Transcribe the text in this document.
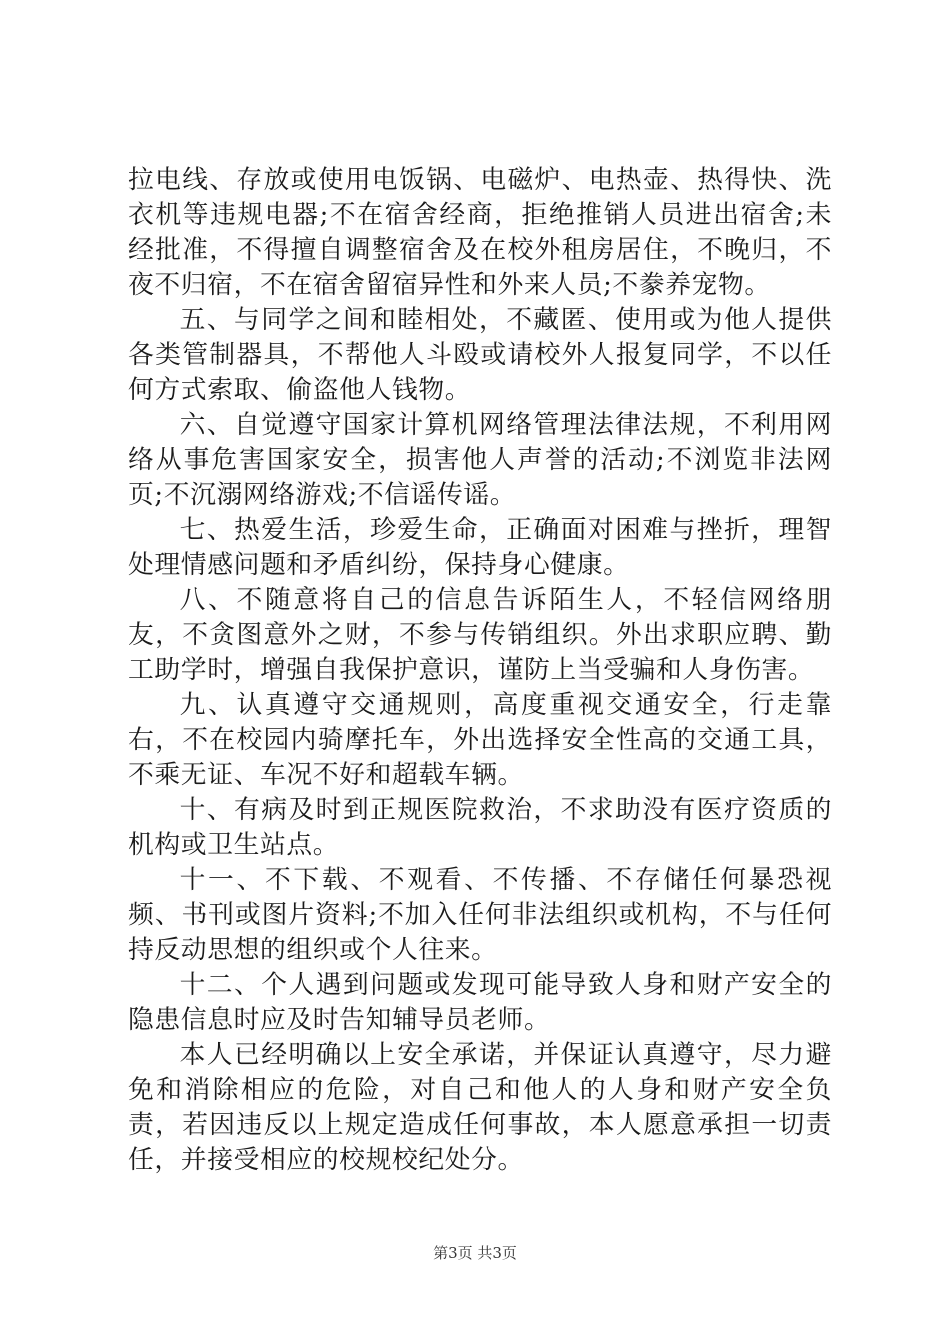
拉电线、存放或使用电饭锅、电磁炉、电热壶、热得快、洗衣机等违规电器;不在宿舍经商，拒绝推销人员进出宿舍;未经批准，不得擅自调整宿舍及在校外租房居住，不晚归，不夜不归宿，不在宿舍留宿异性和外来人员;不豢养宠物。

五、与同学之间和睦相处，不藏匿、使用或为他人提供各类管制器具，不帮他人斗殴或请校外人报复同学，不以任何方式索取、偷盗他人钱物。

六、自觉遵守国家计算机网络管理法律法规，不利用网络从事危害国家安全，损害他人声誉的活动;不浏览非法网页;不沉溺网络游戏;不信谣传谣。

七、热爱生活，珍爱生命，正确面对困难与挫折，理智处理情感问题和矛盾纠纷，保持身心健康。

八、不随意将自己的信息告诉陌生人，不轻信网络朋友，不贪图意外之财，不参与传销组织。外出求职应聘、勤工助学时，增强自我保护意识，谨防上当受骗和人身伤害。

九、认真遵守交通规则，高度重视交通安全，行走靠右，不在校园内骑摩托车，外出选择安全性高的交通工具，不乘无证、车况不好和超载车辆。

十、有病及时到正规医院救治，不求助没有医疗资质的机构或卫生站点。

十一、不下载、不观看、不传播、不存储任何暴恐视频、书刊或图片资料;不加入任何非法组织或机构，不与任何持反动思想的组织或个人往来。

十二、个人遇到问题或发现可能导致人身和财产安全的隐患信息时应及时告知辅导员老师。

本人已经明确以上安全承诺，并保证认真遵守，尽力避免和消除相应的危险，对自己和他人的人身和财产安全负责，若因违反以上规定造成任何事故，本人愿意承担一切责任，并接受相应的校规校纪处分。

第3页 共3页
